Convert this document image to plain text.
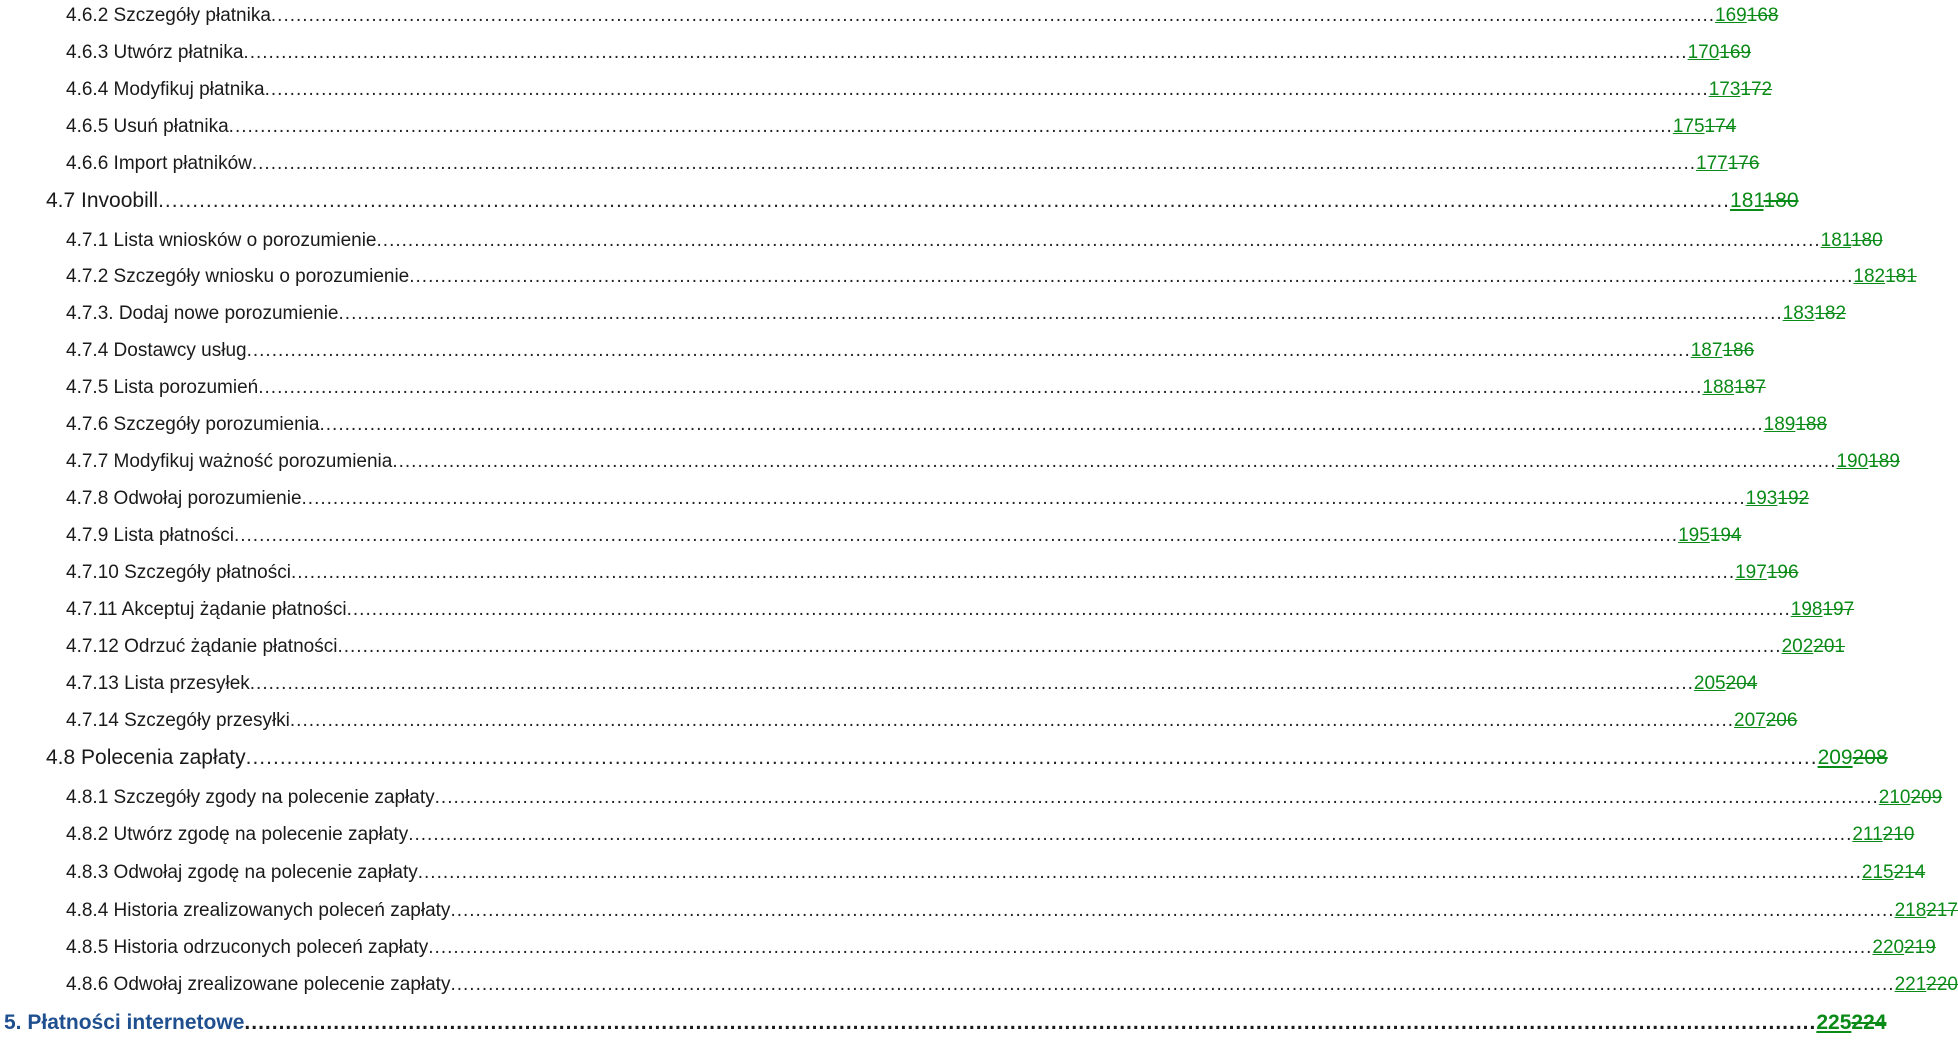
4.6.2 Szczegóły płatnika ...................................................................................................................................................................................................................................... 169168
4.6.3 Utwórz płatnika ...................................................................................................................................................................................................................................... 170169
4.6.4 Modyfikuj płatnika ...................................................................................................................................................................................................................................... 173172
4.6.5 Usuń płatnika ...................................................................................................................................................................................................................................... 175174
4.6.6 Import płatników ...................................................................................................................................................................................................................................... 177176
4.7 Invoobill ...................................................................................................................................................................................................................................... 181180
4.7.1 Lista wniosków o porozumienie ...................................................................................................................................................................................................................................... 181180
4.7.2 Szczegóły wniosku o porozumienie ...................................................................................................................................................................................................................................... 182181
4.7.3. Dodaj nowe porozumienie ...................................................................................................................................................................................................................................... 183182
4.7.4 Dostawcy usług ...................................................................................................................................................................................................................................... 187186
4.7.5 Lista porozumień ...................................................................................................................................................................................................................................... 188187
4.7.6 Szczegóły porozumienia ...................................................................................................................................................................................................................................... 189188
4.7.7 Modyfikuj ważność porozumienia ...................................................................................................................................................................................................................................... 190189
4.7.8 Odwołaj porozumienie ...................................................................................................................................................................................................................................... 193192
4.7.9 Lista płatności ...................................................................................................................................................................................................................................... 195194
4.7.10 Szczegóły płatności ...................................................................................................................................................................................................................................... 197196
4.7.11 Akceptuj żądanie płatności ...................................................................................................................................................................................................................................... 198197
4.7.12 Odrzuć żądanie płatności ...................................................................................................................................................................................................................................... 202201
4.7.13 Lista przesyłek ...................................................................................................................................................................................................................................... 205204
4.7.14 Szczegóły przesyłki ...................................................................................................................................................................................................................................... 207206
4.8 Polecenia zapłaty ...................................................................................................................................................................................................................................... 209208
4.8.1 Szczegóły zgody na polecenie zapłaty ...................................................................................................................................................................................................................................... 210209
4.8.2 Utwórz zgodę na polecenie zapłaty ...................................................................................................................................................................................................................................... 211210
4.8.3 Odwołaj zgodę na polecenie zapłaty ...................................................................................................................................................................................................................................... 215214
4.8.4 Historia zrealizowanych poleceń zapłaty ...................................................................................................................................................................................................................................... 218217
4.8.5 Historia odrzuconych poleceń zapłaty ...................................................................................................................................................................................................................................... 220219
4.8.6 Odwołaj zrealizowane polecenie zapłaty ...................................................................................................................................................................................................................................... 221220
5. Płatności internetowe ...................................................................................................................................................................................................................................... 225224
